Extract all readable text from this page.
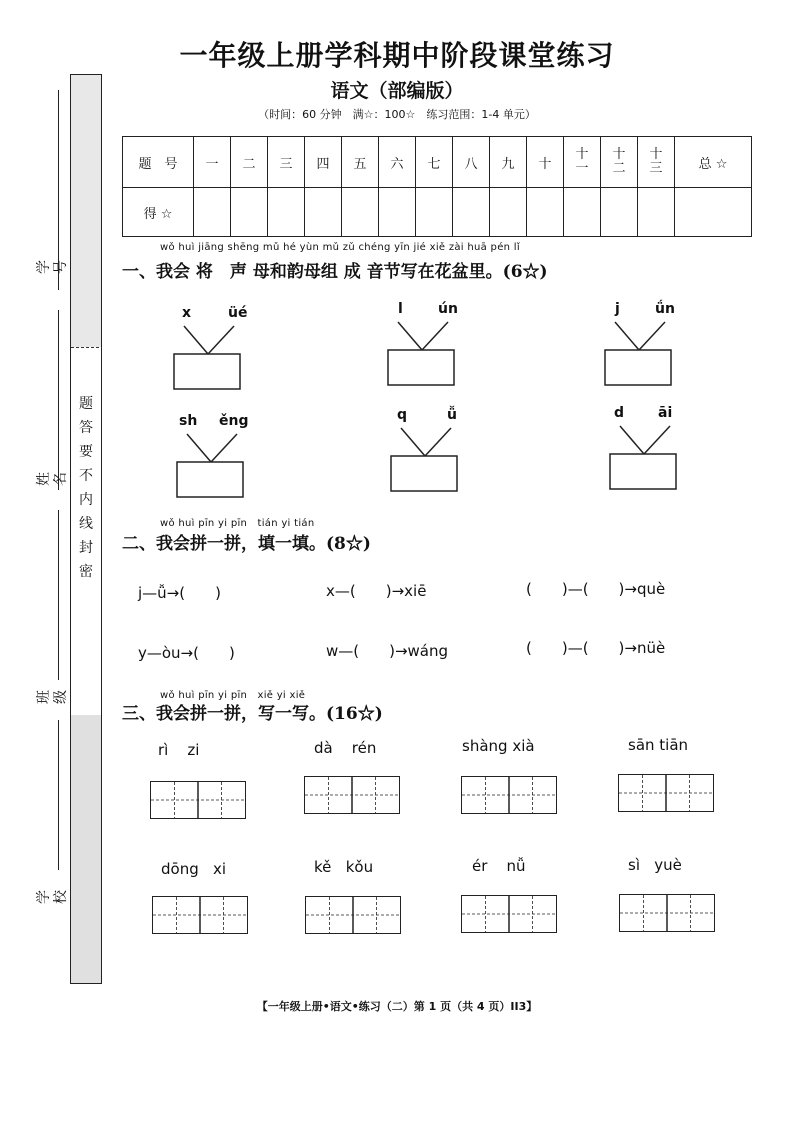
题
答
要
不
内
线
封
密
学号
姓名
班级
学校
一年级上册学科期中阶段课堂练习
语文（部编版）
（时间：60 分钟　满☆：100☆　练习范围：1-4 单元）
题　号	一	二	三	四	五	六	七	八	九	十	十一	十二	十三	总 ☆
得 ☆														
wǒ huì jiāng shēng mǔ hé yùn mǔ zǔ chéng yīn jié xiě zài huā pén lǐ
一、我会 将　声 母和韵母组 成 音节写在花盆里。(6☆)
x	üé	l	ún	j	ǘn
sh ěng	q	ǚ	d āi
wǒ huì pīn yi pīn　tián yi tián
二、我会拼一拼，填一填。(8☆)
j—ǚ→(　　)	x—(　　)→xiē	(　　)—(　　)→què
y—òu→(　　)	w—(　　)→wáng	(　　)—(　　)→nüè
wǒ huì pīn yi pīn　xiě yi xiě
三、我会拼一拼，写一写。(16☆)
rì zi	dà rén	shàng xià	sān tiān
dōng xi	kě kǒu	ér nǚ	sì yuè
【一年级上册•语文•练习（二）第 1 页（共 4 页）II3】
